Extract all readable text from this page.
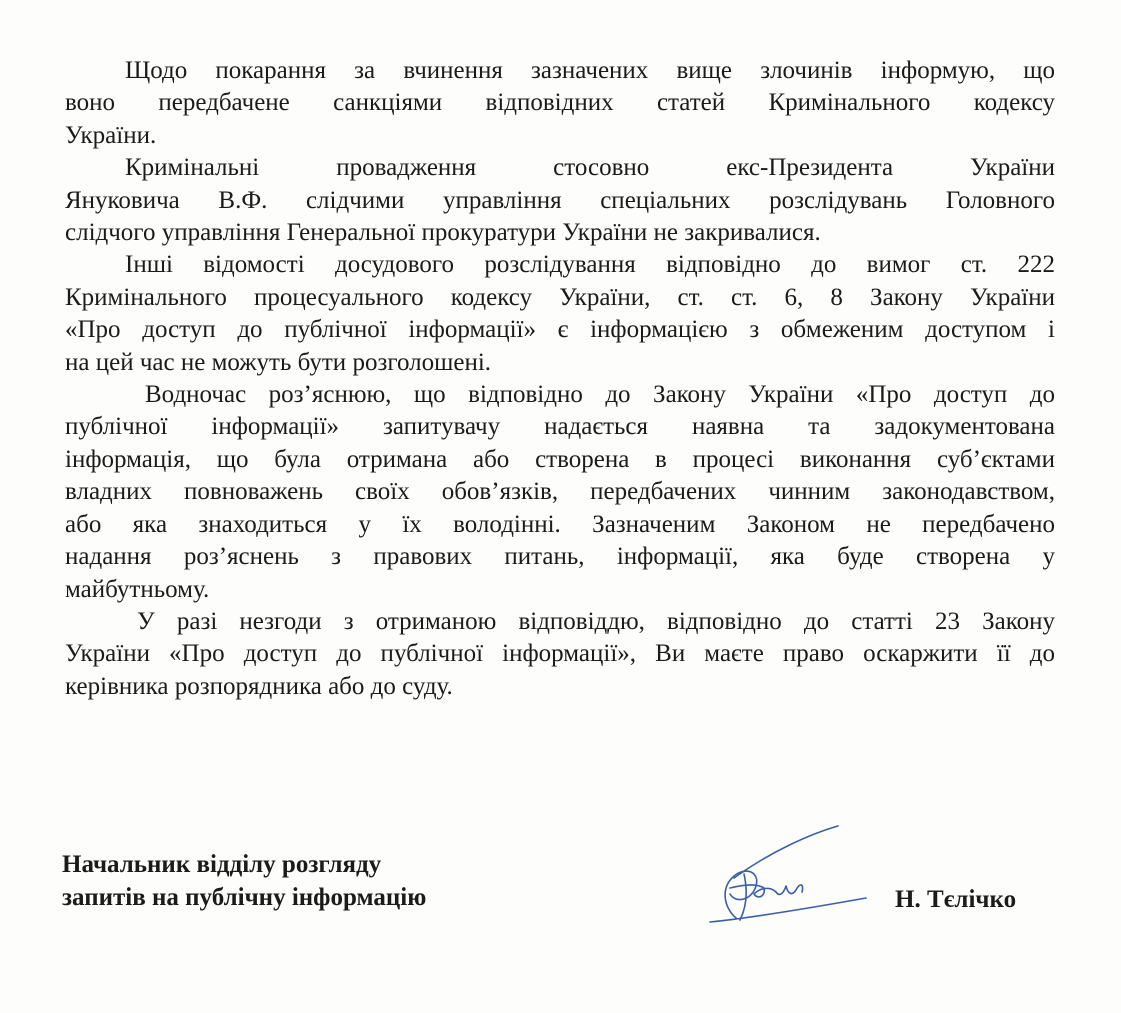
Щодо покарання за вчинення зазначених вище злочинів інформую, що
воно передбачене санкціями відповідних статей Кримінального кодексу
України.
Кримінальні провадження стосовно екс-Президента України
Януковича В.Ф. слідчими управління спеціальних розслідувань Головного
слідчого управління Генеральної прокуратури України не закривалися.
Інші відомості досудового розслідування відповідно до вимог ст. 222
Кримінального процесуального кодексу України, ст. ст. 6, 8 Закону України
«Про доступ до публічної інформації» є інформацією з обмеженим доступом і
на цей час не можуть бути розголошені.
Водночас роз’яснюю, що відповідно до Закону України «Про доступ до
публічної інформації» запитувачу надається наявна та задокументована
інформація, що була отримана або створена в процесі виконання суб’єктами
владних повноважень своїх обов’язків, передбачених чинним законодавством,
або яка знаходиться у їх володінні. Зазначеним Законом не передбачено
надання роз’яснень з правових питань, інформації, яка буде створена у
майбутньому.
У разі незгоди з отриманою відповіддю, відповідно до статті 23 Закону
України «Про доступ до публічної інформації», Ви маєте право оскаржити її до
керівника розпорядника або до суду.
Начальник відділу розгляду
запитів на публічну інформацію	Н. Тєлічко
